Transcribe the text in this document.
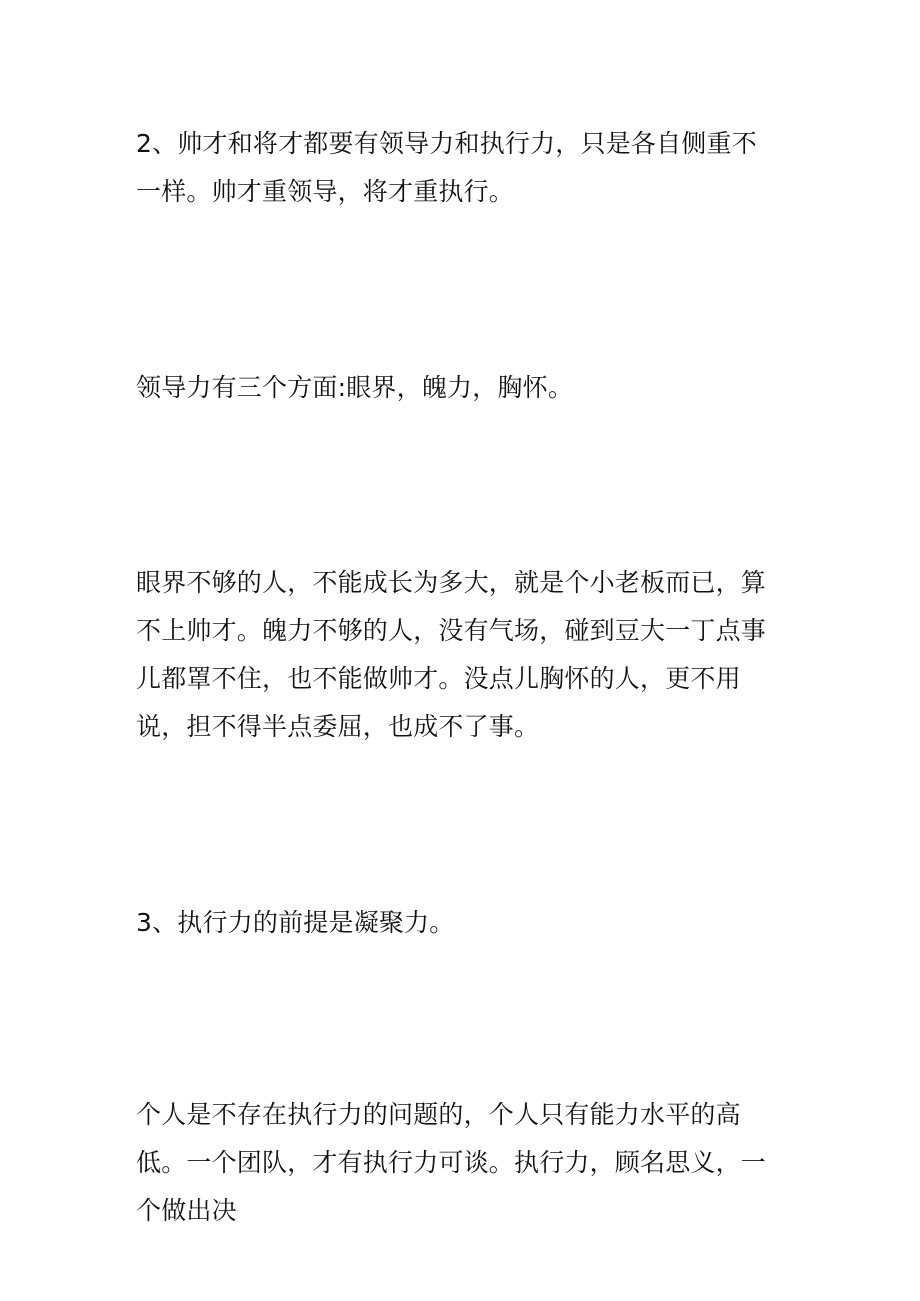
2、帅才和将才都要有领导力和执行力，只是各自侧重不一样。帅才重领导，将才重执行。

领导力有三个方面:眼界，魄力，胸怀。

眼界不够的人，不能成长为多大，就是个小老板而已，算不上帅才。魄力不够的人，没有气场，碰到豆大一丁点事儿都罩不住，也不能做帅才。没点儿胸怀的人，更不用说，担不得半点委屈，也成不了事。

3、执行力的前提是凝聚力。

个人是不存在执行力的问题的，个人只有能力水平的高低。一个团队，才有执行力可谈。执行力，顾名思义，一个做出决
